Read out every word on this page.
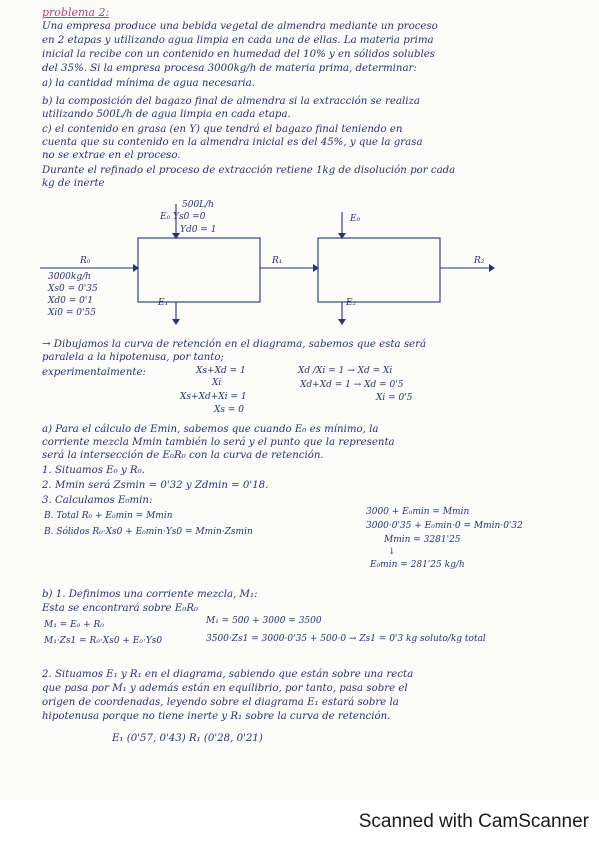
problema 2:
Una empresa produce una bebida vegetal de almendra mediante un proceso
en 2 etapas y utilizando agua limpia en cada una de ellas. La materia prima
inicial la recibe con un contenido en humedad del 10% y en sólidos solubles
del 35%. Si la empresa procesa 3000kg/h de materia prima, determinar:
a) la cantidad mínima de agua necesaria.
b) la composición del bagazo final de almendra si la extracción se realiza
utilizando 500L/h de agua limpia en cada etapa.
c) el contenido en grasa (en Y) que tendrá el bagazo final teniendo en
cuenta que su contenido en la almendra inicial es del 45%, y que la grasa
no se extrae en el proceso.
Durante el refinado el proceso de extracción retiene 1kg de disolución por cada
kg de inerte
500L/h
E₀ Ys0 =0
Yd0 = 1
E₀
R₀
3000kg/h
Xs0 = 0'35
Xd0 = 0'1
Xi0 = 0'55
R₁	R₂
E₁	E₂
→ Dibujamos la curva de retención en el diagrama, sabemos que esta será
paralela a la hipotenusa, por tanto;
experimentalmente:	Xs+Xd = 1
Xi
Xs+Xd+Xi = 1
Xs = 0
Xd /Xi = 1 → Xd = Xi
Xd+Xd = 1 → Xd = 0'5
Xi = 0'5
a) Para el cálculo de Emin, sabemos que cuando E₀ es mínimo, la
corriente mezcla Mmin también lo será y el punto que la representa
será la intersección de E₀R₀ con la curva de retención.
1. Situamos E₀ y R₀.
2. Mmin será Zsmin = 0'32 y Zdmin = 0'18.
3. Calculamos E₀min:
B. Total R₀ + E₀min = Mmin
B. Sólidos R₀·Xs0 + E₀min·Ys0 = Mmin·Zsmin
3000 + E₀min = Mmin
3000·0'35 + E₀min·0 = Mmin·0'32
Mmin = 3281'25
↓
E₀min = 281'25 kg/h
b) 1. Definimos una corriente mezcla, M₁:
Esta se encontrará sobre E₀R₀
M₁ = E₀ + R₀
M₁·Zs1 = R₀·Xs0 + E₀·Ys0
M₁ = 500 + 3000 = 3500
3500·Zs1 = 3000·0'35 + 500·0 → Zs1 = 0'3 kg soluto/kg total
2. Situamos E₁ y R₁ en el diagrama, sabiendo que están sobre una recta
que pasa por M₁ y además están en equilibrio, por tanto, pasa sobre el
origen de coordenadas, leyendo sobre el diagrama E₁ estará sobre la
hipotenusa porque no tiene inerte y R₁ sobre la curva de retención.
E₁ (0'57, 0'43) R₁ (0'28, 0'21)
Scanned with CamScanner
